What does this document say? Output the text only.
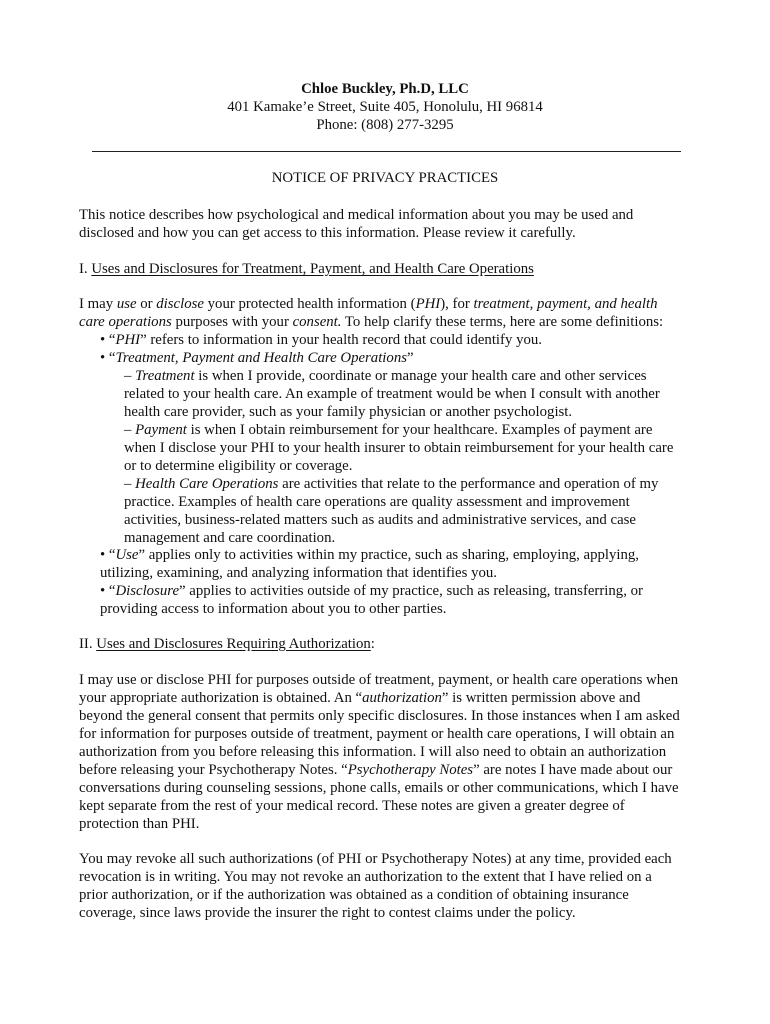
Chloe Buckley, Ph.D, LLC
401 Kamake’e Street, Suite 405, Honolulu, HI 96814
Phone: (808) 277-3295
NOTICE OF PRIVACY PRACTICES
This notice describes how psychological and medical information about you may be used and
disclosed and how you can get access to this information. Please review it carefully.
I. Uses and Disclosures for Treatment, Payment, and Health Care Operations
I may use or disclose your protected health information (PHI), for treatment, payment, and health
care operations purposes with your consent. To help clarify these terms, here are some definitions:
• “PHI” refers to information in your health record that could identify you.
• “Treatment, Payment and Health Care Operations”
– Treatment is when I provide, coordinate or manage your health care and other services
related to your health care. An example of treatment would be when I consult with another
health care provider, such as your family physician or another psychologist.
– Payment is when I obtain reimbursement for your healthcare. Examples of payment are
when I disclose your PHI to your health insurer to obtain reimbursement for your health care
or to determine eligibility or coverage.
– Health Care Operations are activities that relate to the performance and operation of my
practice. Examples of health care operations are quality assessment and improvement
activities, business-related matters such as audits and administrative services, and case
management and care coordination.
• “Use” applies only to activities within my practice, such as sharing, employing, applying,
utilizing, examining, and analyzing information that identifies you.
• “Disclosure” applies to activities outside of my practice, such as releasing, transferring, or
providing access to information about you to other parties.
II. Uses and Disclosures Requiring Authorization:
I may use or disclose PHI for purposes outside of treatment, payment, or health care operations when
your appropriate authorization is obtained. An “authorization” is written permission above and
beyond the general consent that permits only specific disclosures. In those instances when I am asked
for information for purposes outside of treatment, payment or health care operations, I will obtain an
authorization from you before releasing this information. I will also need to obtain an authorization
before releasing your Psychotherapy Notes. “Psychotherapy Notes” are notes I have made about our
conversations during counseling sessions, phone calls, emails or other communications, which I have
kept separate from the rest of your medical record. These notes are given a greater degree of
protection than PHI.
You may revoke all such authorizations (of PHI or Psychotherapy Notes) at any time, provided each
revocation is in writing. You may not revoke an authorization to the extent that I have relied on a
prior authorization, or if the authorization was obtained as a condition of obtaining insurance
coverage, since laws provide the insurer the right to contest claims under the policy.
